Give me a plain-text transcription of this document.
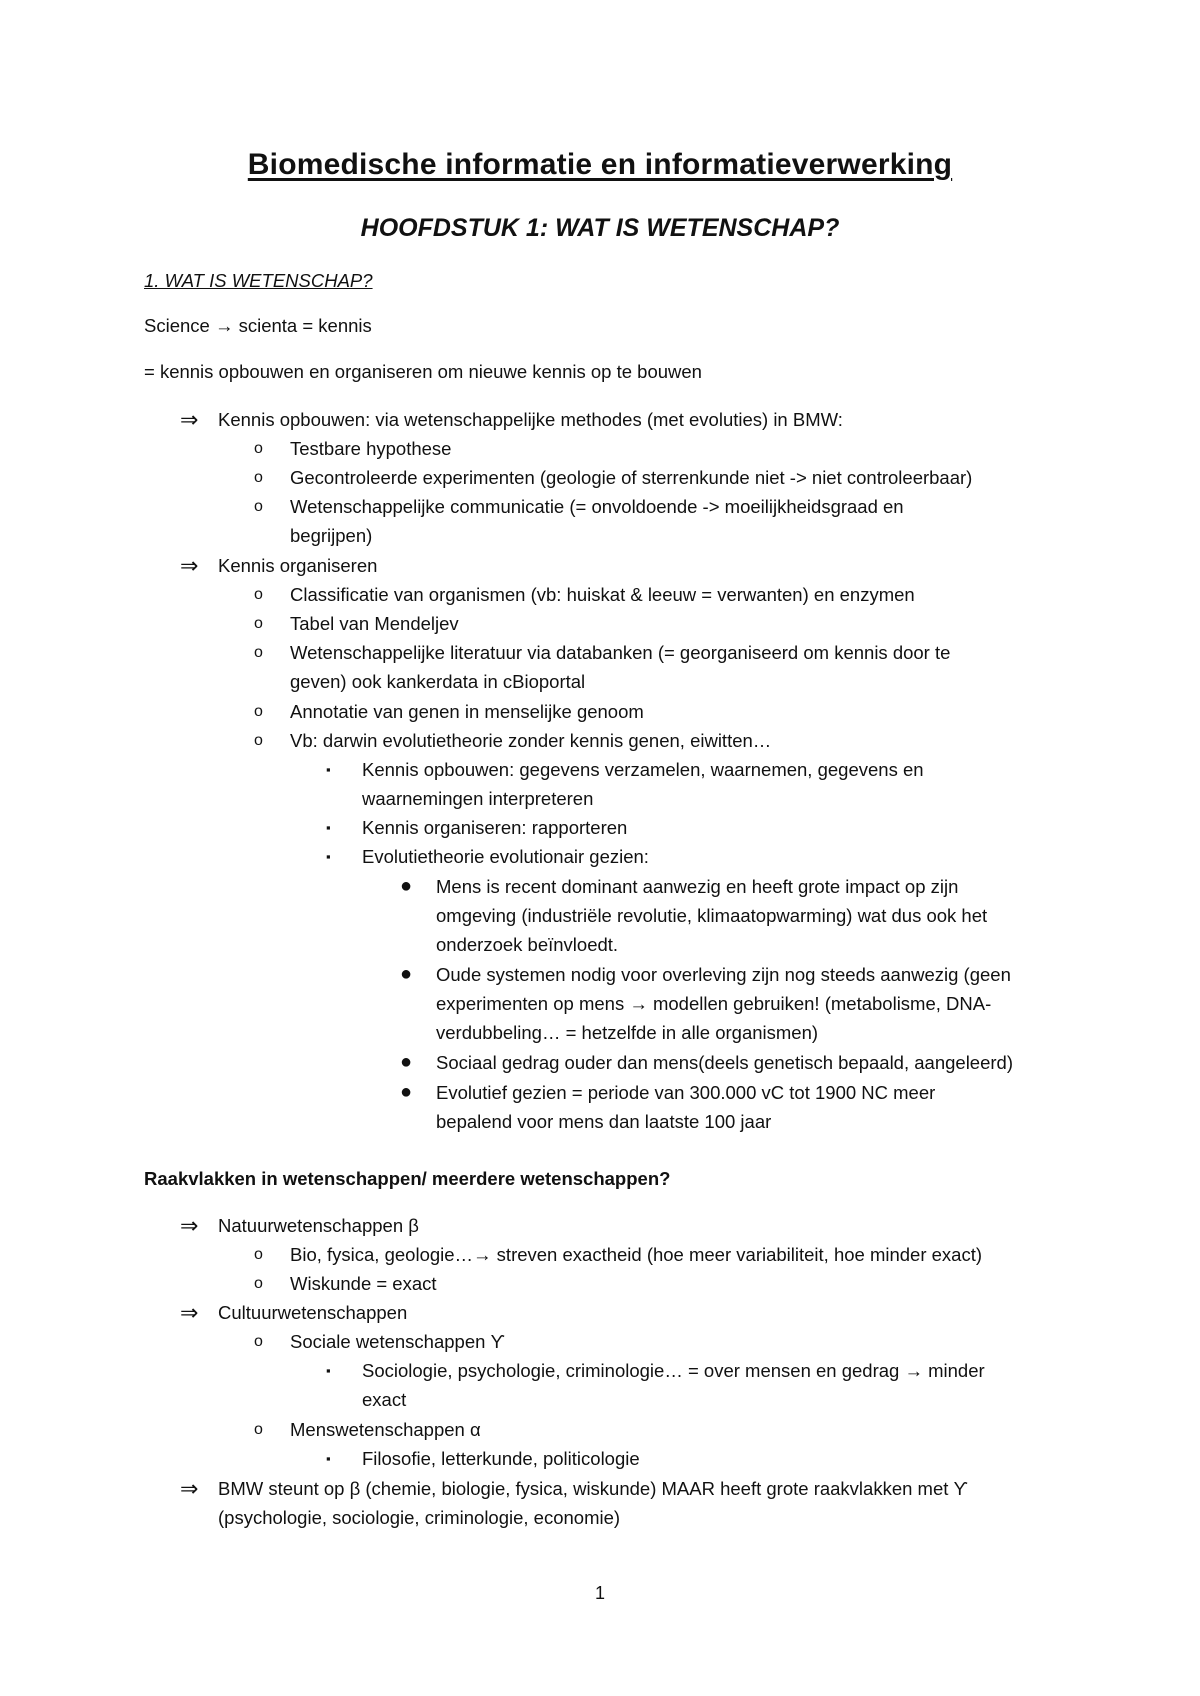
Biomedische informatie en informatieverwerking
HOOFDSTUK 1: WAT IS WETENSCHAP?
1. WAT IS WETENSCHAP?
Science → scienta = kennis
= kennis opbouwen en organiseren om nieuwe kennis op te bouwen
⇒ Kennis opbouwen: via wetenschappelijke methodes (met evoluties) in BMW:
o Testbare hypothese
o Gecontroleerde experimenten (geologie of sterrenkunde niet -> niet controleerbaar)
o Wetenschappelijke communicatie (= onvoldoende -> moeilijkheidsgraad en
begrijpen)
⇒ Kennis organiseren
o Classificatie van organismen (vb: huiskat & leeuw = verwanten) en enzymen
o Tabel van Mendeljev
o Wetenschappelijke literatuur via databanken (= georganiseerd om kennis door te
geven) ook kankerdata in cBioportal
o Annotatie van genen in menselijke genoom
o Vb: darwin evolutietheorie zonder kennis genen, eiwitten…
▪ Kennis opbouwen: gegevens verzamelen, waarnemen, gegevens en
waarnemingen interpreteren
▪ Kennis organiseren: rapporteren
▪ Evolutietheorie evolutionair gezien:
● Mens is recent dominant aanwezig en heeft grote impact op zijn
omgeving (industriële revolutie, klimaatopwarming) wat dus ook het
onderzoek beïnvloedt.
● Oude systemen nodig voor overleving zijn nog steeds aanwezig (geen
experimenten op mens → modellen gebruiken! (metabolisme, DNA-
verdubbeling… = hetzelfde in alle organismen)
● Sociaal gedrag ouder dan mens(deels genetisch bepaald, aangeleerd)
● Evolutief gezien = periode van 300.000 vC tot 1900 NC meer
bepalend voor mens dan laatste 100 jaar
Raakvlakken in wetenschappen/ meerdere wetenschappen?
⇒ Natuurwetenschappen β
o Bio, fysica, geologie…→ streven exactheid (hoe meer variabiliteit, hoe minder exact)
o Wiskunde = exact
⇒ Cultuurwetenschappen
o Sociale wetenschappen ϒ
▪ Sociologie, psychologie, criminologie… = over mensen en gedrag → minder
exact
o Menswetenschappen α
▪ Filosofie, letterkunde, politicologie
⇒ BMW steunt op β (chemie, biologie, fysica, wiskunde) MAAR heeft grote raakvlakken met ϒ
(psychologie, sociologie, criminologie, economie)
1
